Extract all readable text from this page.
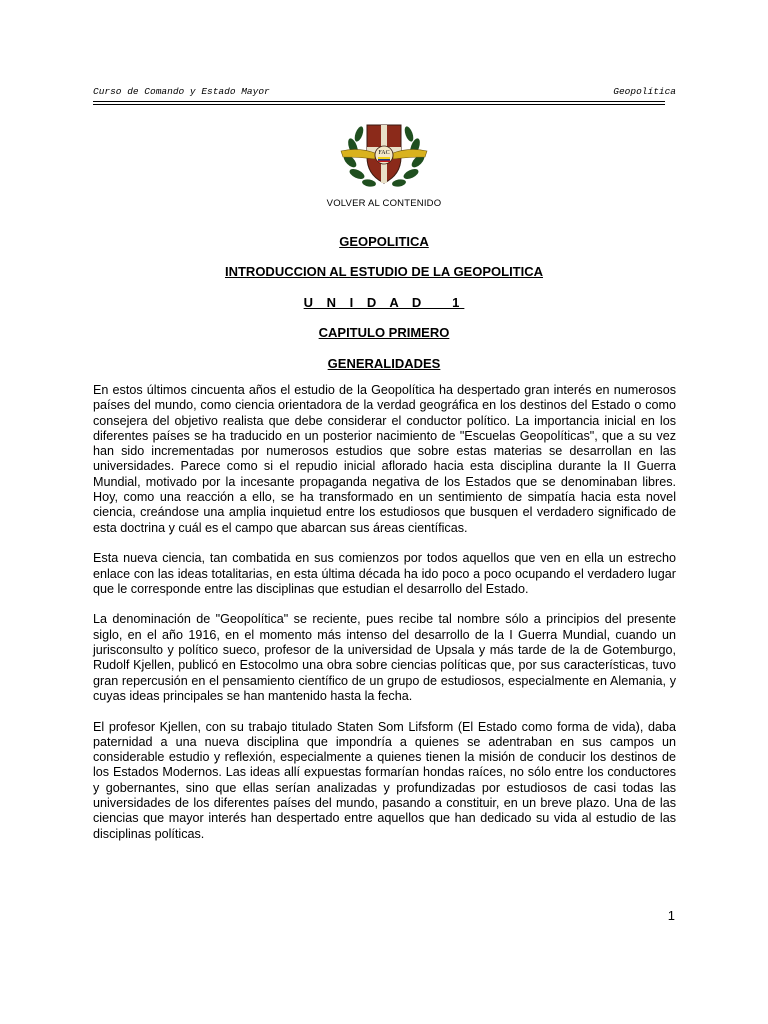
Curso de Comando y Estado Mayor	Geopolítica
FAC
VOLVER AL CONTENIDO
GEOPOLITICA
INTRODUCCION AL ESTUDIO DE LA GEOPOLITICA
U N I D A D   1
CAPITULO PRIMERO
GENERALIDADES

En estos últimos cincuenta años el estudio de la Geopolítica ha despertado gran interés en numerosos países del mundo, como ciencia orientadora de la verdad geográfica en los destinos del Estado o como consejera del objetivo realista que debe considerar el conductor político. La importancia inicial en los diferentes países se ha traducido en un posterior nacimiento de "Escuelas Geopolíticas", que a su vez han sido incrementadas por numerosos estudios que sobre estas materias se desarrollan en las universidades. Parece como si el repudio inicial aflorado hacia esta disciplina durante la II Guerra Mundial, motivado por la incesante propaganda negativa de los Estados que se denominaban libres. Hoy, como una reacción a ello, se ha transformado en un sentimiento de simpatía hacia esta novel ciencia, creándose una amplia inquietud entre los estudiosos que busquen el verdadero significado de esta doctrina y cuál es el campo que abarcan sus áreas científicas.

Esta nueva ciencia, tan combatida en sus comienzos por todos aquellos que ven en ella un estrecho enlace con las ideas totalitarias, en esta última década ha ido poco a poco ocupando el verdadero lugar que le corresponde entre las disciplinas que estudian el desarrollo del Estado.

La denominación de "Geopolítica" se reciente, pues recibe tal nombre sólo a principios del presente siglo, en el año 1916, en el momento más intenso del desarrollo de la I Guerra Mundial, cuando un jurisconsulto y político sueco, profesor de la universidad de Upsala y más tarde de la de Gotemburgo, Rudolf Kjellen, publicó en Estocolmo una obra sobre ciencias políticas que, por sus características, tuvo gran repercusión en el pensamiento científico de un grupo de estudiosos, especialmente en Alemania, y cuyas ideas principales se han mantenido hasta la fecha.

El profesor Kjellen, con su trabajo titulado Staten Som Lifsform (El Estado como forma de vida), daba paternidad a una nueva disciplina que impondría a quienes se adentraban en sus campos un considerable estudio y reflexión, especialmente a quienes tienen la misión de conducir los destinos de los Estados Modernos. Las ideas allí expuestas formarían hondas raíces, no sólo entre los conductores y gobernantes, sino que ellas serían analizadas y profundizadas por estudiosos de casi todas las universidades de los diferentes países del mundo, pasando a constituir, en un breve plazo. Una de las ciencias que mayor interés han despertado entre aquellos que han dedicado su vida al estudio de las disciplinas políticas.

1
